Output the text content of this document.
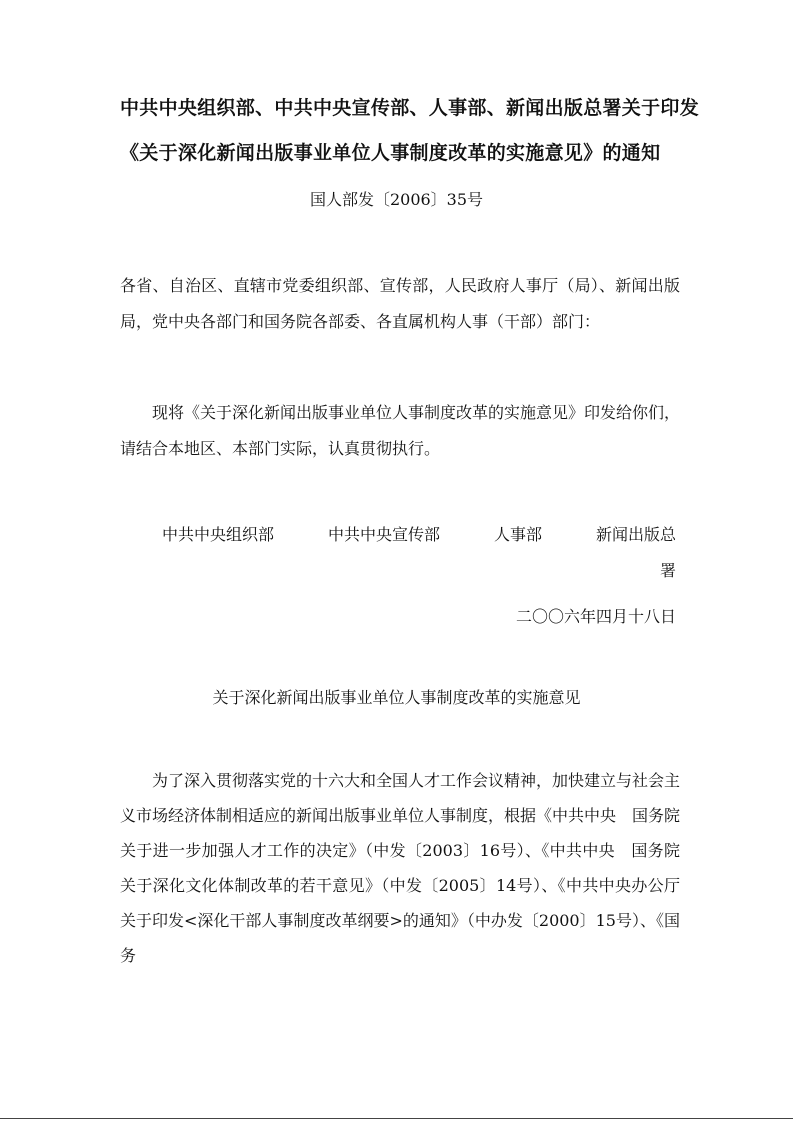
中共中央组织部、中共中央宣传部、人事部、新闻出版总署关于印发
《关于深化新闻出版事业单位人事制度改革的实施意见》的通知
国人部发〔2006〕35号
各省、自治区、直辖市党委组织部、宣传部，人民政府人事厅（局）、新闻出版局，党中央各部门和国务院各部委、各直属机构人事（干部）部门：
现将《关于深化新闻出版事业单位人事制度改革的实施意见》印发给你们，请结合本地区、本部门实际，认真贯彻执行。
中共中央组织部	中共中央宣传部	人事部	新闻出版总
署
二〇〇六年四月十八日
关于深化新闻出版事业单位人事制度改革的实施意见
为了深入贯彻落实党的十六大和全国人才工作会议精神，加快建立与社会主义市场经济体制相适应的新闻出版事业单位人事制度，根据《中共中央　国务院关于进一步加强人才工作的决定》（中发〔2003〕16号）、《中共中央　国务院关于深化文化体制改革的若干意见》（中发〔2005〕14号）、《中共中央办公厅关于印发<深化干部人事制度改革纲要>的通知》（中办发〔2000〕15号）、《国务
